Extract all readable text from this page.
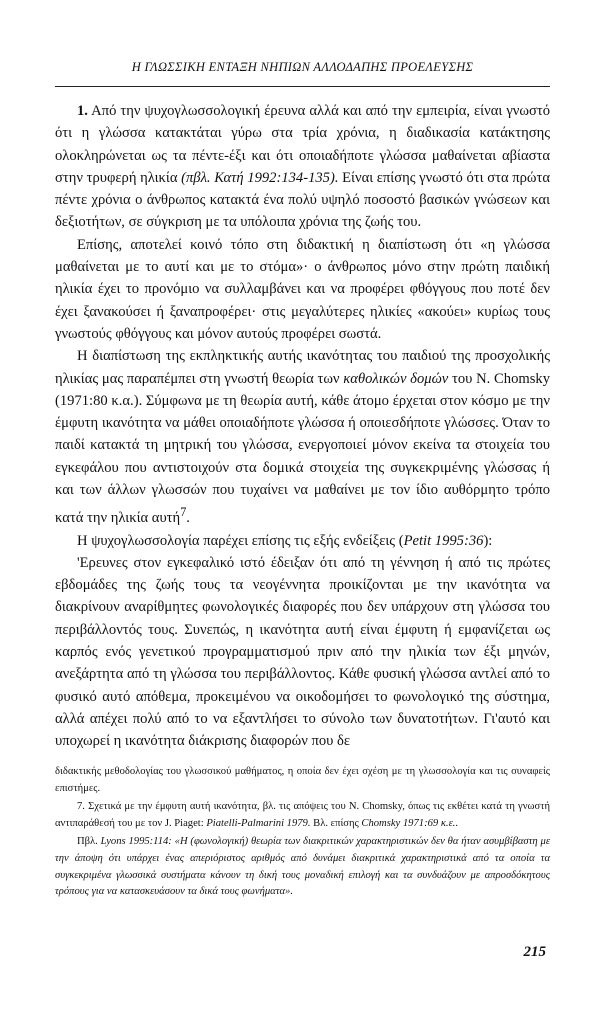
Η ΓΛΩΣΣΙΚΗ ΕΝΤΑΞΗ ΝΗΠΙΩΝ ΑΛΛΟΔΑΠΗΣ ΠΡΟΕΛΕΥΣΗΣ

1. Από την ψυχογλωσσολογική έρευνα αλλά και από την εμπειρία, είναι γνωστό ότι η γλώσσα κατακτάται γύρω στα τρία χρόνια, η διαδικασία κατάκτησης ολοκληρώνεται ως τα πέντε-έξι και ότι οποιαδήποτε γλώσσα μαθαίνεται αβίαστα στην τρυφερή ηλικία (πβλ. Κατή 1992:134-135). Είναι επίσης γνωστό ότι στα πρώτα πέντε χρόνια ο άνθρωπος κατακτά ένα πολύ υψηλό ποσοστό βασικών γνώσεων και δεξιοτήτων, σε σύγκριση με τα υπόλοιπα χρόνια της ζωής του.

Επίσης, αποτελεί κοινό τόπο στη διδακτική η διαπίστωση ότι «η γλώσσα μαθαίνεται με το αυτί και με το στόμα»· ο άνθρωπος μόνο στην πρώτη παιδική ηλικία έχει το προνόμιο να συλλαμβάνει και να προφέρει φθόγγους που ποτέ δεν έχει ξανακούσει ή ξαναπροφέρει· στις μεγαλύτερες ηλικίες «ακούει» κυρίως τους γνωστούς φθόγγους και μόνον αυτούς προφέρει σωστά.

Η διαπίστωση της εκπληκτικής αυτής ικανότητας του παιδιού της προσχολικής ηλικίας μας παραπέμπει στη γνωστή θεωρία των καθολικών δομών του N. Chomsky (1971:80 κ.α.). Σύμφωνα με τη θεωρία αυτή, κάθε άτομο έρχεται στον κόσμο με την έμφυτη ικανότητα να μάθει οποιαδήποτε γλώσσα ή οποιεσδήποτε γλώσσες. Όταν το παιδί κατακτά τη μητρική του γλώσσα, ενεργοποιεί μόνον εκείνα τα στοιχεία του εγκεφάλου που αντιστοιχούν στα δομικά στοιχεία της συγκεκριμένης γλώσσας ή και των άλλων γλωσσών που τυχαίνει να μαθαίνει με τον ίδιο αυθόρμητο τρόπο κατά την ηλικία αυτή$^7$.

Η ψυχογλωσσολογία παρέχει επίσης τις εξής ενδείξεις (Petit 1995:36):

'Ερευνες στον εγκεφαλικό ιστό έδειξαν ότι από τη γέννηση ή από τις πρώτες εβδομάδες της ζωής τους τα νεογέννητα προικίζονται με την ικανότητα να διακρίνουν αναρίθμητες φωνολογικές διαφορές που δεν υπάρχουν στη γλώσσα του περιβάλλοντός τους. Συνεπώς, η ικανότητα αυτή είναι έμφυτη ή εμφανίζεται ως καρπός ενός γενετικού προγραμματισμού πριν από την ηλικία των έξι μηνών, ανεξάρτητα από τη γλώσσα του περιβάλλοντος. Κάθε φυσική γλώσσα αντλεί από το φυσικό αυτό απόθεμα, προκειμένου να οικοδομήσει το φωνολογικό της σύστημα, αλλά απέχει πολύ από το να εξαντλήσει το σύνολο των δυνατοτήτων. Γι'αυτό και υποχωρεί η ικανότητα διάκρισης διαφορών που δε

διδακτικής μεθοδολογίας του γλωσσικού μαθήματος, η οποία δεν έχει σχέση με τη γλωσσολογία και τις συναφείς επιστήμες.

7. Σχετικά με την έμφυτη αυτή ικανότητα, βλ. τις απόψεις του N. Chomsky, όπως τις εκθέτει κατά τη γνωστή αντιπαράθεσή του με τον J. Piaget: Piatelli-Palmarini 1979. Βλ. επίσης Chomsky 1971:69 κ.ε..

Πβλ. Lyons 1995:114: «Η (φωνολογική) θεωρία των διακριτικών χαρακτηριστικών δεν θα ήταν ασυμβίβαστη με την άποψη ότι υπάρχει ένας απεριόριστος αριθμός από δυνάμει διακριτικά χαρακτηριστικά από τα οποία τα συγκεκριμένα γλωσσικά συστήματα κάνουν τη δική τους μοναδική επιλογή και τα συνδυάζουν με απροσδόκητους τρόπους για να κατασκευάσουν τα δικά τους φωνήματα».

215
